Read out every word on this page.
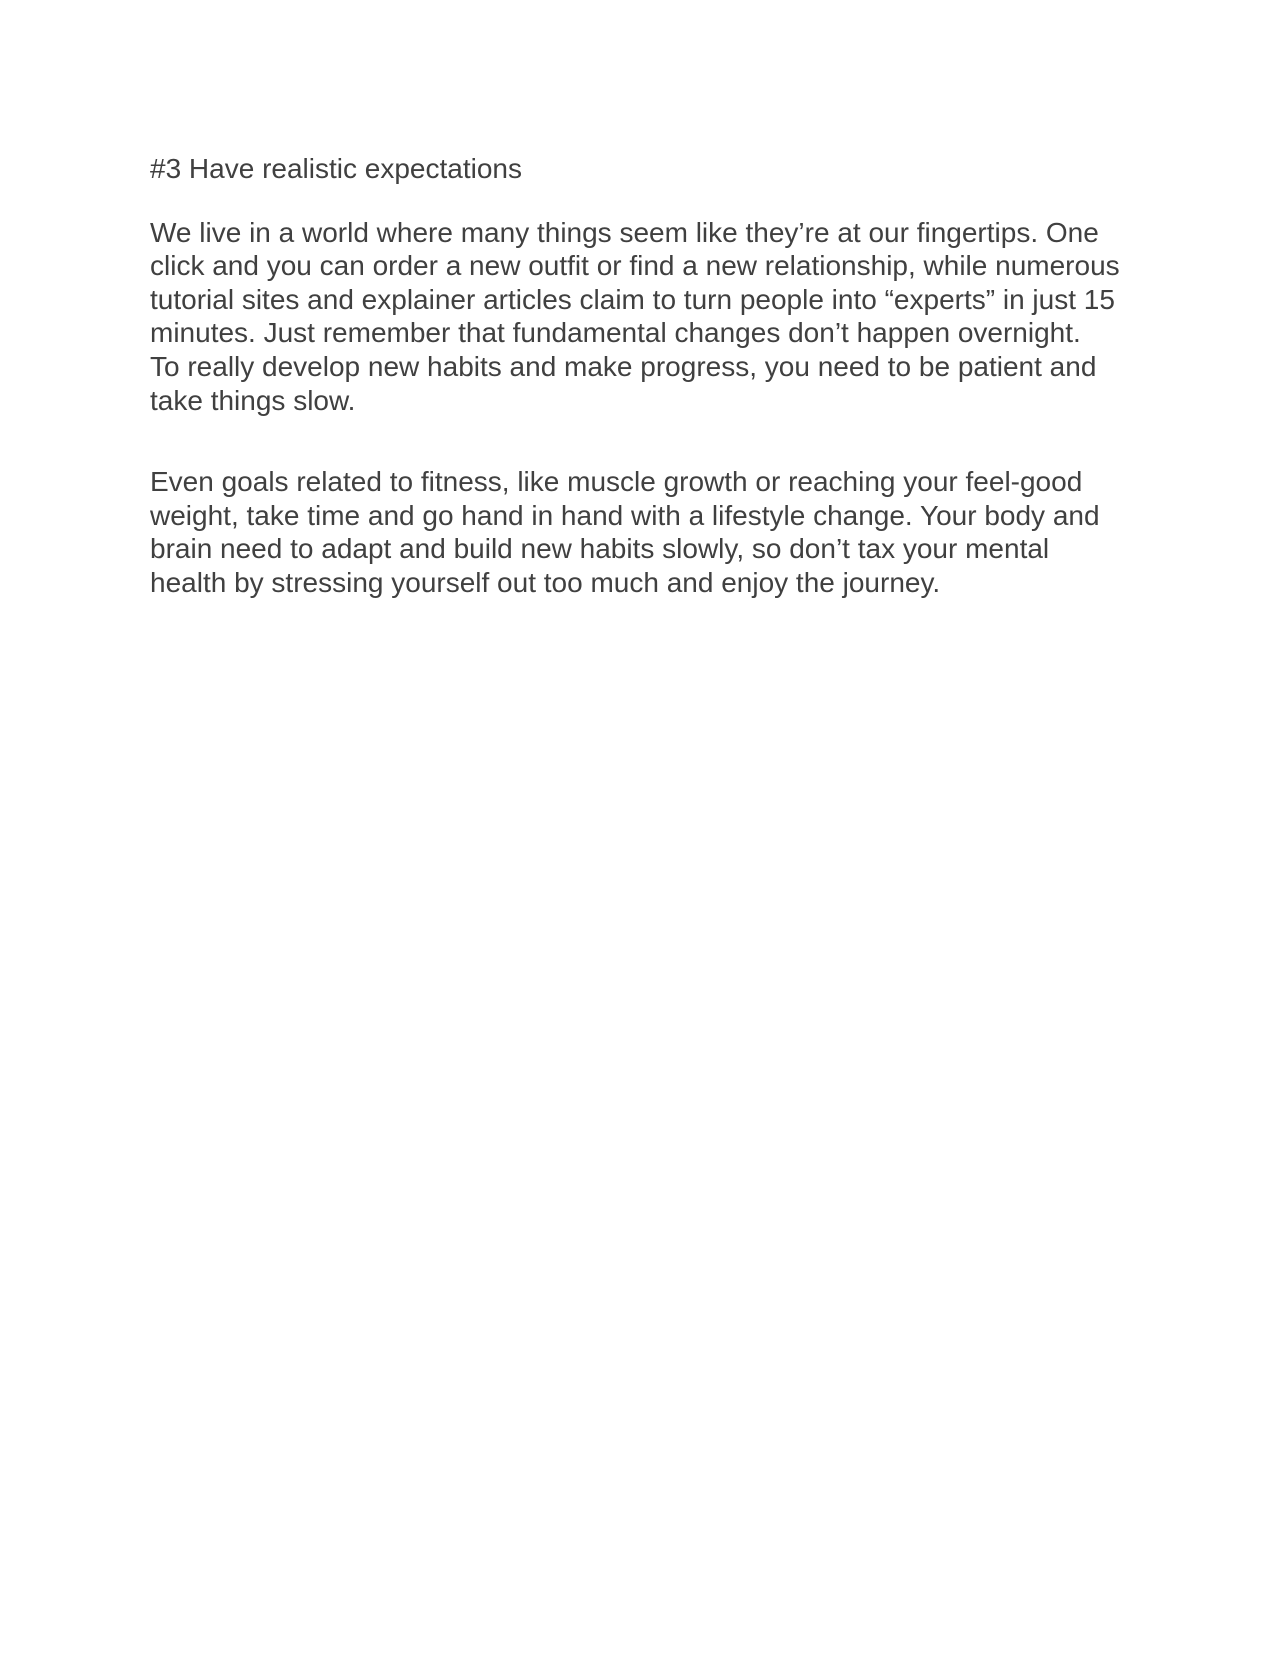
#3 Have realistic expectations

We live in a world where many things seem like they’re at our fingertips. One
click and you can order a new outfit or find a new relationship, while numerous
tutorial sites and explainer articles claim to turn people into “experts” in just 15
minutes. Just remember that fundamental changes don’t happen overnight.
To really develop new habits and make progress, you need to be patient and
take things slow.

Even goals related to fitness, like muscle growth or reaching your feel-good
weight, take time and go hand in hand with a lifestyle change. Your body and
brain need to adapt and build new habits slowly, so don’t tax your mental
health by stressing yourself out too much and enjoy the journey.
